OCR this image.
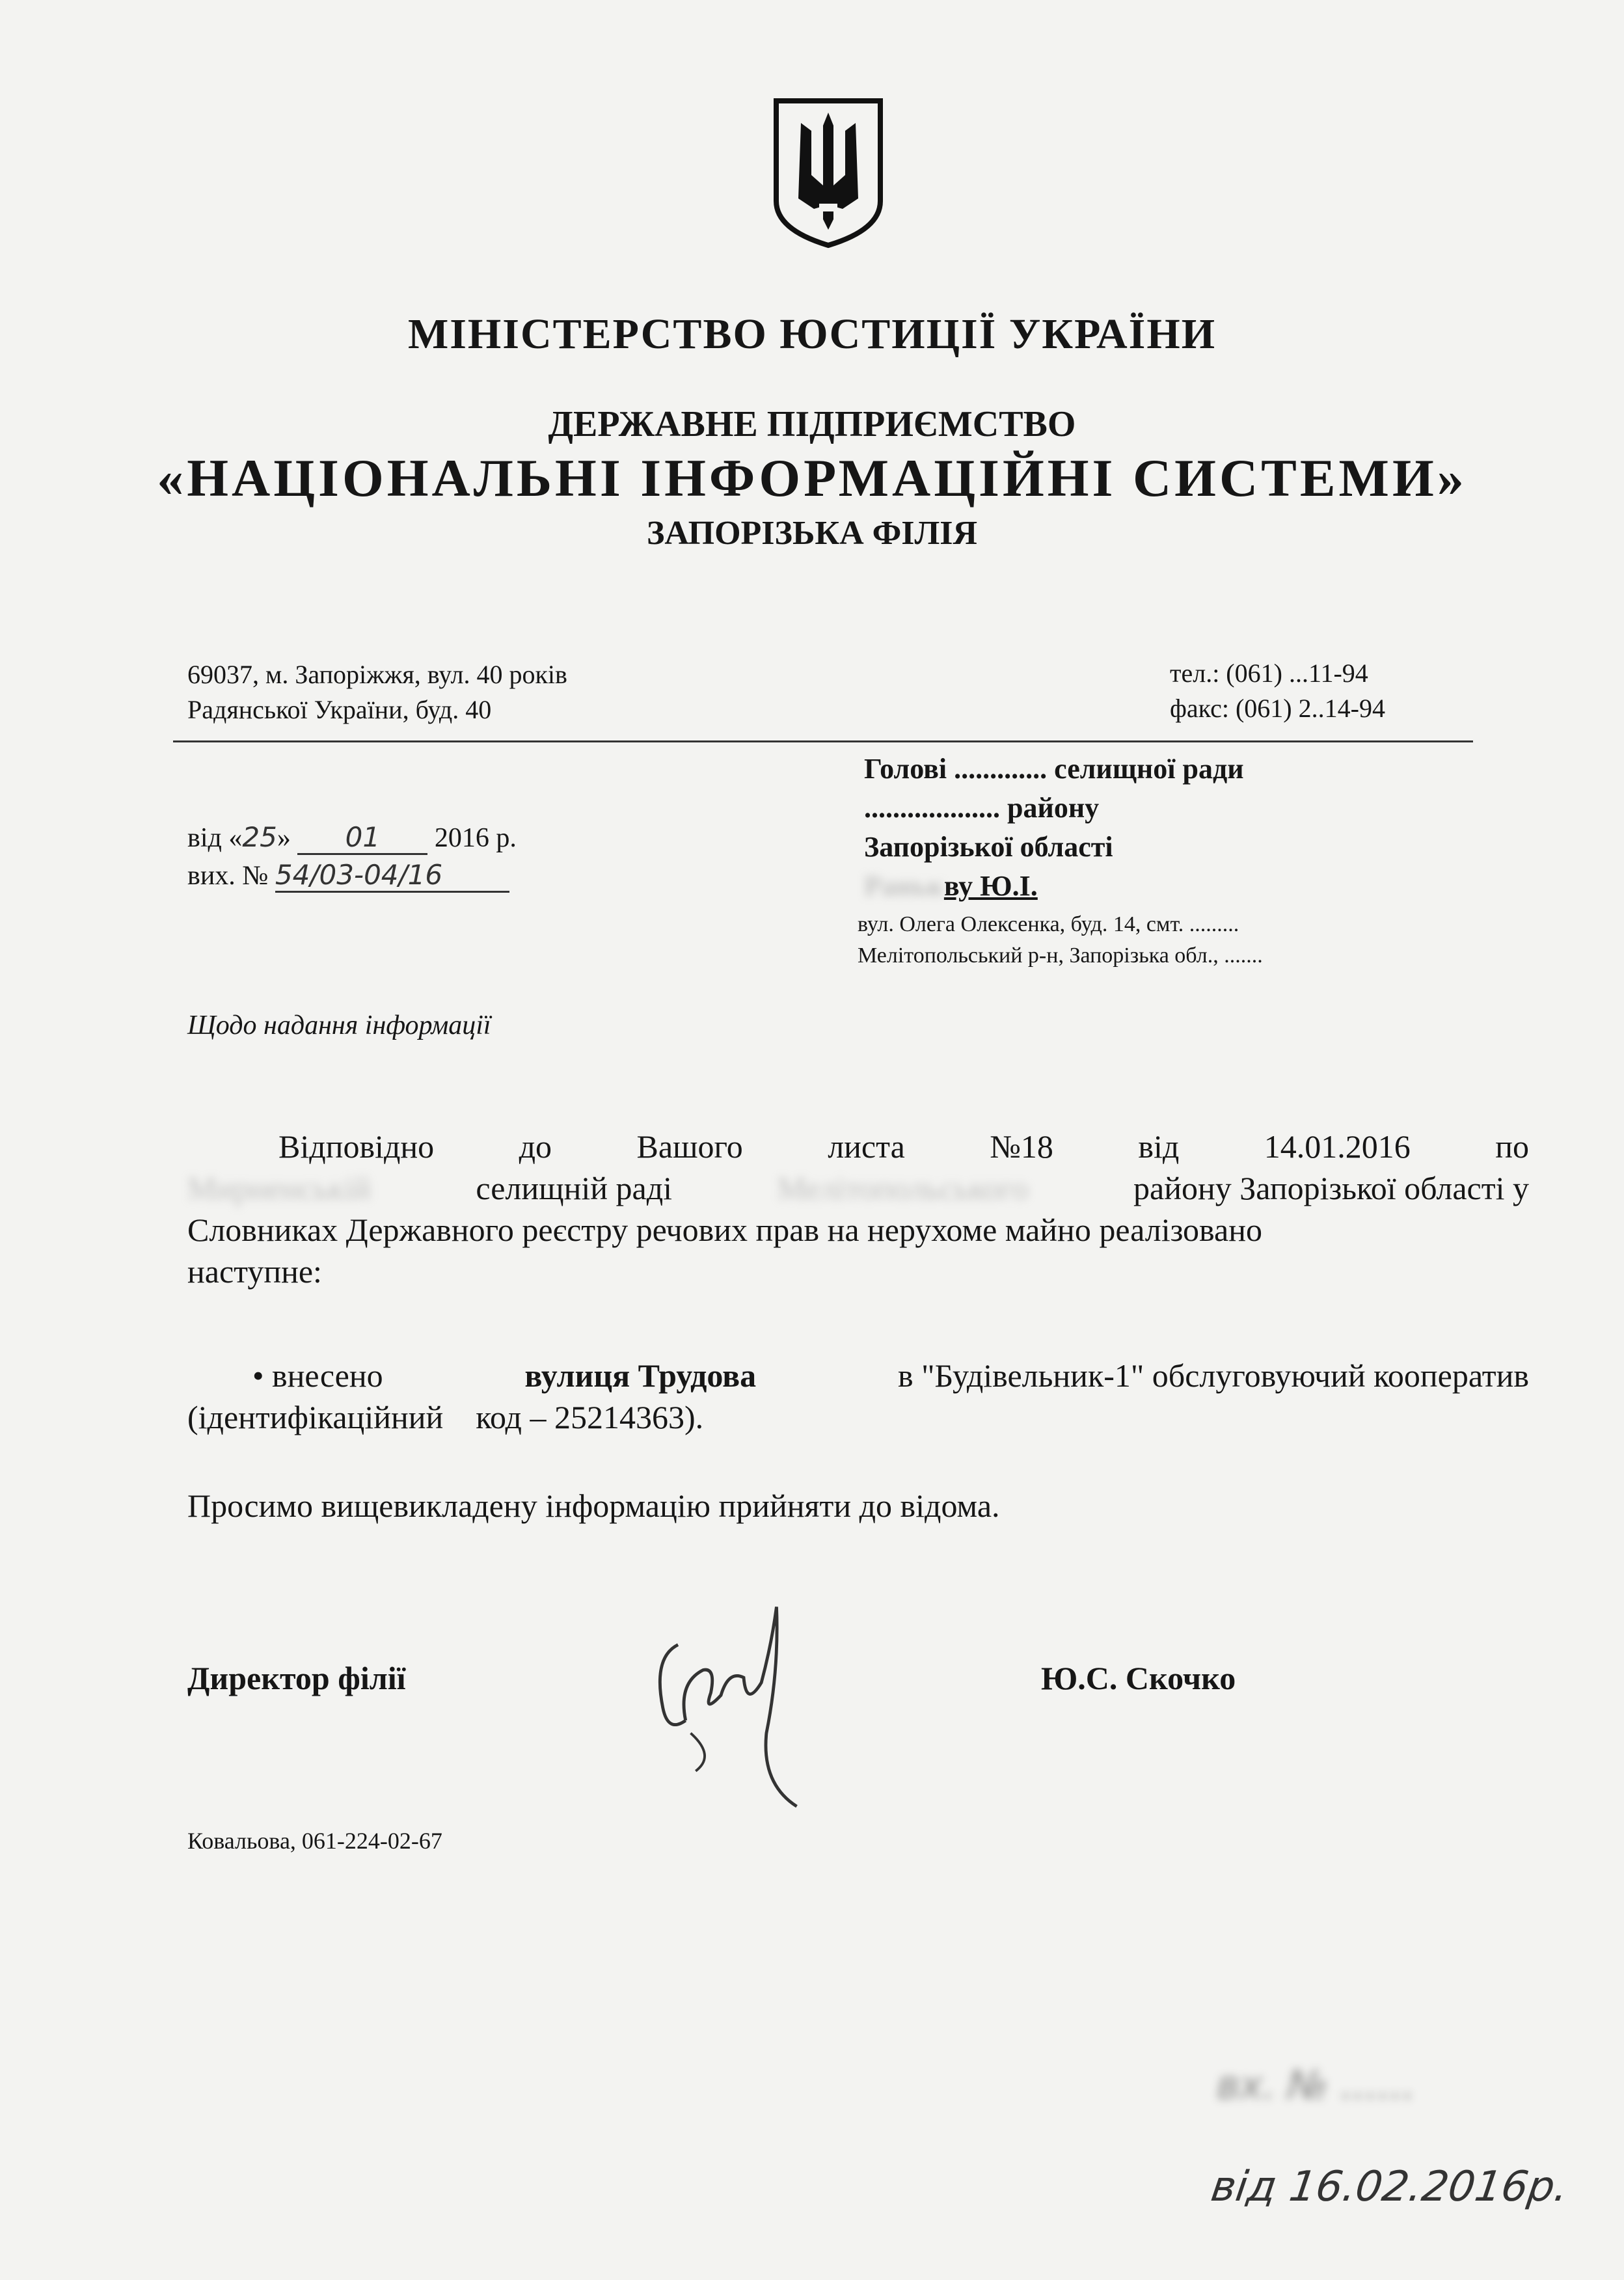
МІНІСТЕРСТВО ЮСТИЦІЇ УКРАЇНИ
ДЕРЖАВНЕ ПІДПРИЄМСТВО
«НАЦІОНАЛЬНІ ІНФОРМАЦІЙНІ СИСТЕМИ»
ЗАПОРІЗЬКА ФІЛІЯ
69037, м. Запоріжжя, вул. 40 років
Радянської України, буд. 40
тел.: (061) ...11-94
факс: (061) 2..14-94
Голові ............. селищної ради
................... району
Запорізької області
Ранькву Ю.І.
вул. Олега Олексенка, буд. 14, смт. .........
Мелітопольський р-н, Запорізька обл., .......
від «25» 01 2016 р.
вих. № 54/03-04/16
Щодо надання інформації
Відповідно	до	Вашого	листа	№18	від	14.01.2016	по
Мирненській	селищній раді	Мелітопольського	району Запорізької області у
Словниках Державного реєстру речових прав на нерухоме майно реалізовано
наступне:
• внесено	вулиця Трудова	в "Будівельник-1" обслуговуючий кооператив
(ідентифікаційний    код – 25214363).
Просимо вищевикладену інформацію прийняти до відома.
Директор філії	Ю.С. Скочко
Ковальова, 061-224-02-67
вх. № ......
від 16.02.2016р.
